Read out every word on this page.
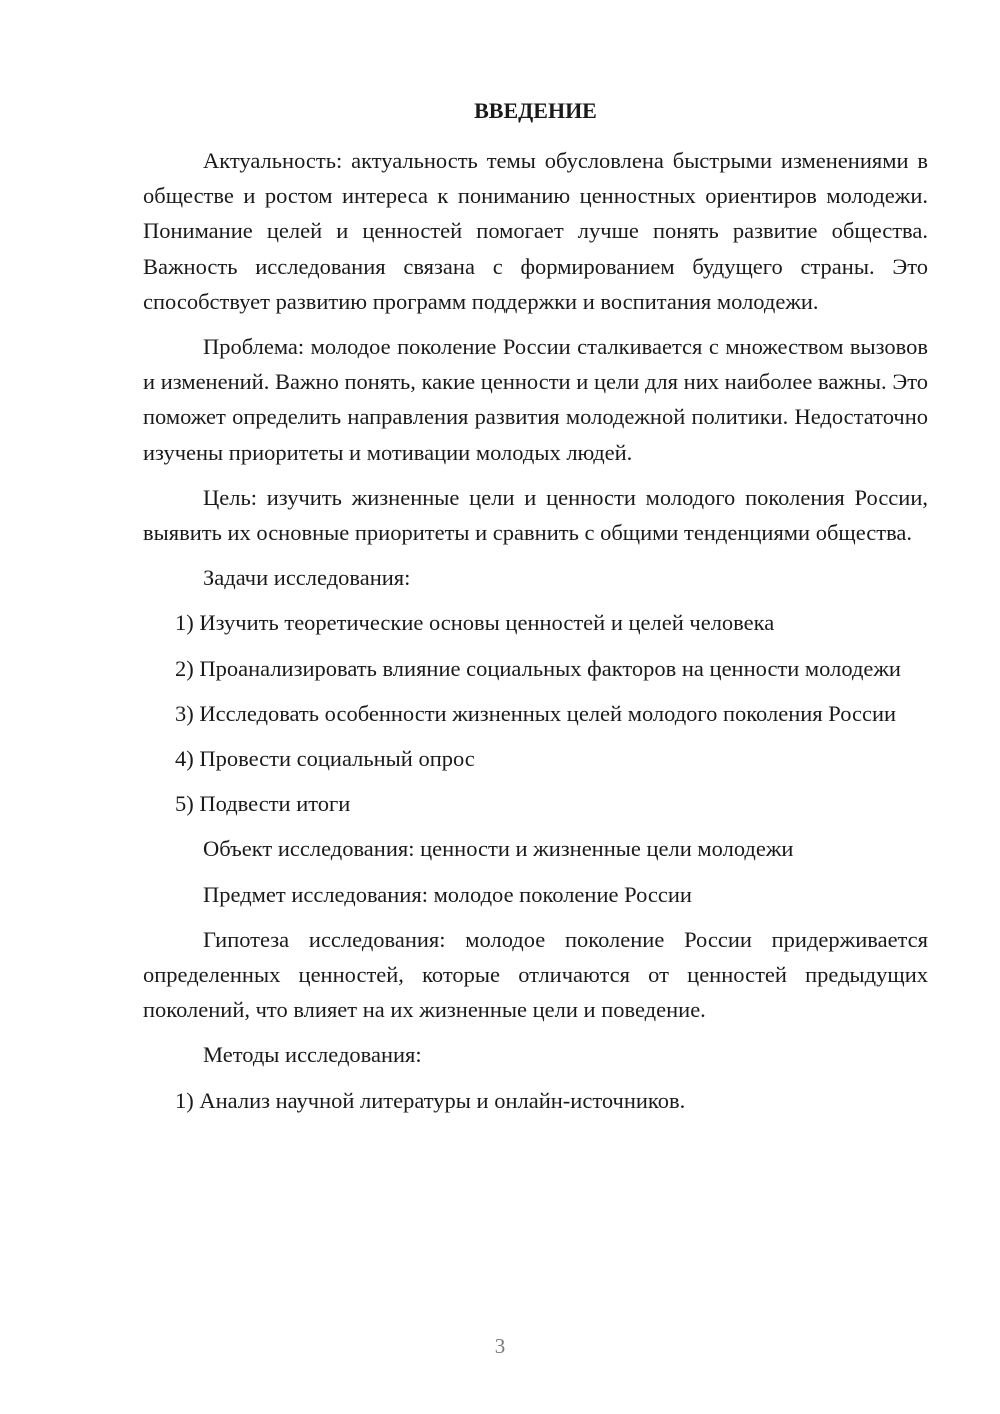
ВВЕДЕНИЕ

Актуальность: актуальность темы обусловлена быстрыми изменениями в обществе и ростом интереса к пониманию ценностных ориентиров молодежи. Понимание целей и ценностей помогает лучше понять развитие общества. Важность исследования связана с формированием будущего страны. Это способствует развитию программ поддержки и воспитания молодежи.

Проблема: молодое поколение России сталкивается с множеством вызовов и изменений. Важно понять, какие ценности и цели для них наиболее важны. Это поможет определить направления развития молодежной политики. Недостаточно изучены приоритеты и мотивации молодых людей.

Цель: изучить жизненные цели и ценности молодого поколения России, выявить их основные приоритеты и сравнить с общими тенденциями общества.

Задачи исследования:

1) Изучить теоретические основы ценностей и целей человека

2) Проанализировать влияние социальных факторов на ценности молодежи

3) Исследовать особенности жизненных целей молодого поколения России

4) Провести социальный опрос

5) Подвести итоги

Объект исследования: ценности и жизненные цели молодежи

Предмет исследования: молодое поколение России

Гипотеза исследования: молодое поколение России придерживается определенных ценностей, которые отличаются от ценностей предыдущих поколений, что влияет на их жизненные цели и поведение.

Методы исследования:

1) Анализ научной литературы и онлайн-источников.

3
